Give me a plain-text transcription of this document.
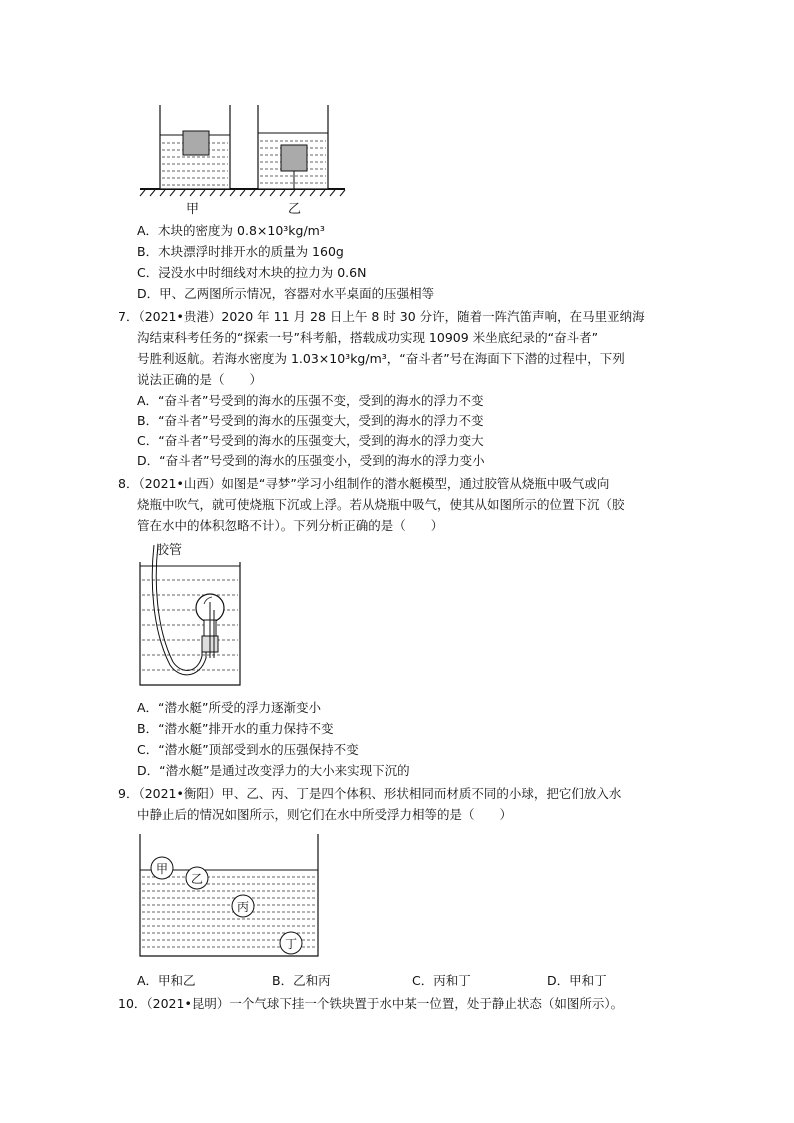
甲	乙
A．木块的密度为 0.8×10³kg/m³
B．木块漂浮时排开水的质量为 160g
C．浸没水中时细线对木块的拉力为 0.6N
D．甲、乙两图所示情况，容器对水平桌面的压强相等
7．（2021•贵港）2020 年 11 月 28 日上午 8 时 30 分许，随着一阵汽笛声响，在马里亚纳海
沟结束科考任务的“探索一号”科考船，搭载成功实现 10909 米坐底纪录的“奋斗者”
号胜利返航。若海水密度为 1.03×10³kg/m³，“奋斗者”号在海面下下潜的过程中，下列
说法正确的是（　　）
A．“奋斗者”号受到的海水的压强不变，受到的海水的浮力不变
B．“奋斗者”号受到的海水的压强变大，受到的海水的浮力不变
C．“奋斗者”号受到的海水的压强变大，受到的海水的浮力变大
D．“奋斗者”号受到的海水的压强变小，受到的海水的浮力变小
8．（2021•山西）如图是“寻梦”学习小组制作的潜水艇模型，通过胶管从烧瓶中吸气或向
烧瓶中吹气，就可使烧瓶下沉或上浮。若从烧瓶中吸气，使其从如图所示的位置下沉（胶
管在水中的体积忽略不计）。下列分析正确的是（　　）
胶管
A．“潜水艇”所受的浮力逐渐变小
B．“潜水艇”排开水的重力保持不变
C．“潜水艇”顶部受到水的压强保持不变
D．“潜水艇”是通过改变浮力的大小来实现下沉的
9．（2021•衡阳）甲、乙、丙、丁是四个体积、形状相同而材质不同的小球，把它们放入水
中静止后的情况如图所示，则它们在水中所受浮力相等的是（　　）
甲
乙
丙
丁
A．甲和乙	B．乙和丙	C．丙和丁	D．甲和丁
10．（2021•昆明）一个气球下挂一个铁块置于水中某一位置，处于静止状态（如图所示）。
